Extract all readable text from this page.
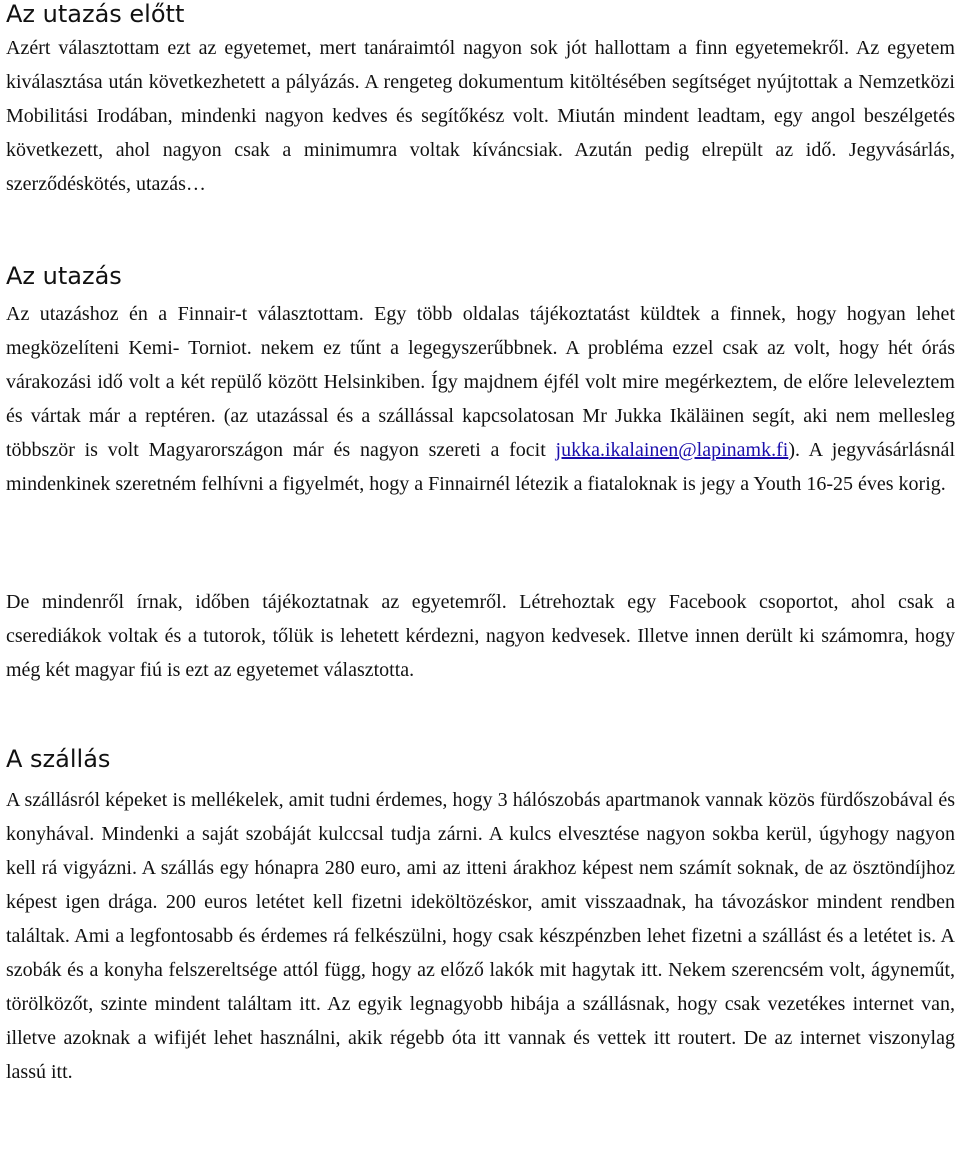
Az utazás előtt

Azért választottam ezt az egyetemet, mert tanáraimtól nagyon sok jót hallottam a finn egyetemekről. Az egyetem kiválasztása után következhetett a pályázás. A rengeteg dokumentum kitöltésében segítséget nyújtottak a Nemzetközi Mobilitási Irodában, mindenki nagyon kedves és segítőkész volt. Miután mindent leadtam, egy angol beszélgetés következett, ahol nagyon csak a minimumra voltak kíváncsiak. Azután pedig elrepült az idő. Jegyvásárlás, szerződéskötés, utazás…

Az utazás

Az utazáshoz én a Finnair-t választottam. Egy több oldalas tájékoztatást küldtek a finnek, hogy hogyan lehet megközelíteni Kemi- Torniot. nekem ez tűnt a legegyszerűbbnek. A probléma ezzel csak az volt, hogy hét órás várakozási idő volt a két repülő között Helsinkiben. Így majdnem éjfél volt mire megérkeztem, de előre leleveleztem és vártak már a reptéren. (az utazással és a szállással kapcsolatosan Mr Jukka Ikäläinen segít, aki nem mellesleg többször is volt Magyarországon már és nagyon szereti a focit jukka.ikalainen@lapinamk.fi). A jegyvásárlásnál mindenkinek szeretném felhívni a figyelmét, hogy a Finnairnél létezik a fiataloknak is jegy a Youth 16-25 éves korig.

De mindenről írnak, időben tájékoztatnak az egyetemről. Létrehoztak egy Facebook csoportot, ahol csak a cserediákok voltak és a tutorok, tőlük is lehetett kérdezni, nagyon kedvesek. Illetve innen derült ki számomra, hogy még két magyar fiú is ezt az egyetemet választotta.

A szállás

A szállásról képeket is mellékelek, amit tudni érdemes, hogy 3 hálószobás apartmanok vannak közös fürdőszobával és konyhával. Mindenki a saját szobáját kulccsal tudja zárni. A kulcs elvesztése nagyon sokba kerül, úgyhogy nagyon kell rá vigyázni. A szállás egy hónapra 280 euro, ami az itteni árakhoz képest nem számít soknak, de az ösztöndíjhoz képest igen drága. 200 euros letétet kell fizetni ideköltözéskor, amit visszaadnak, ha távozáskor mindent rendben találtak. Ami a legfontosabb és érdemes rá felkészülni, hogy csak készpénzben lehet fizetni a szállást és a letétet is. A szobák és a konyha felszereltsége attól függ, hogy az előző lakók mit hagytak itt. Nekem szerencsém volt, ágyneműt, törölközőt, szinte mindent találtam itt. Az egyik legnagyobb hibája a szállásnak, hogy csak vezetékes internet van, illetve azoknak a wifijét lehet használni, akik régebb óta itt vannak és vettek itt routert. De az internet viszonylag lassú itt.
